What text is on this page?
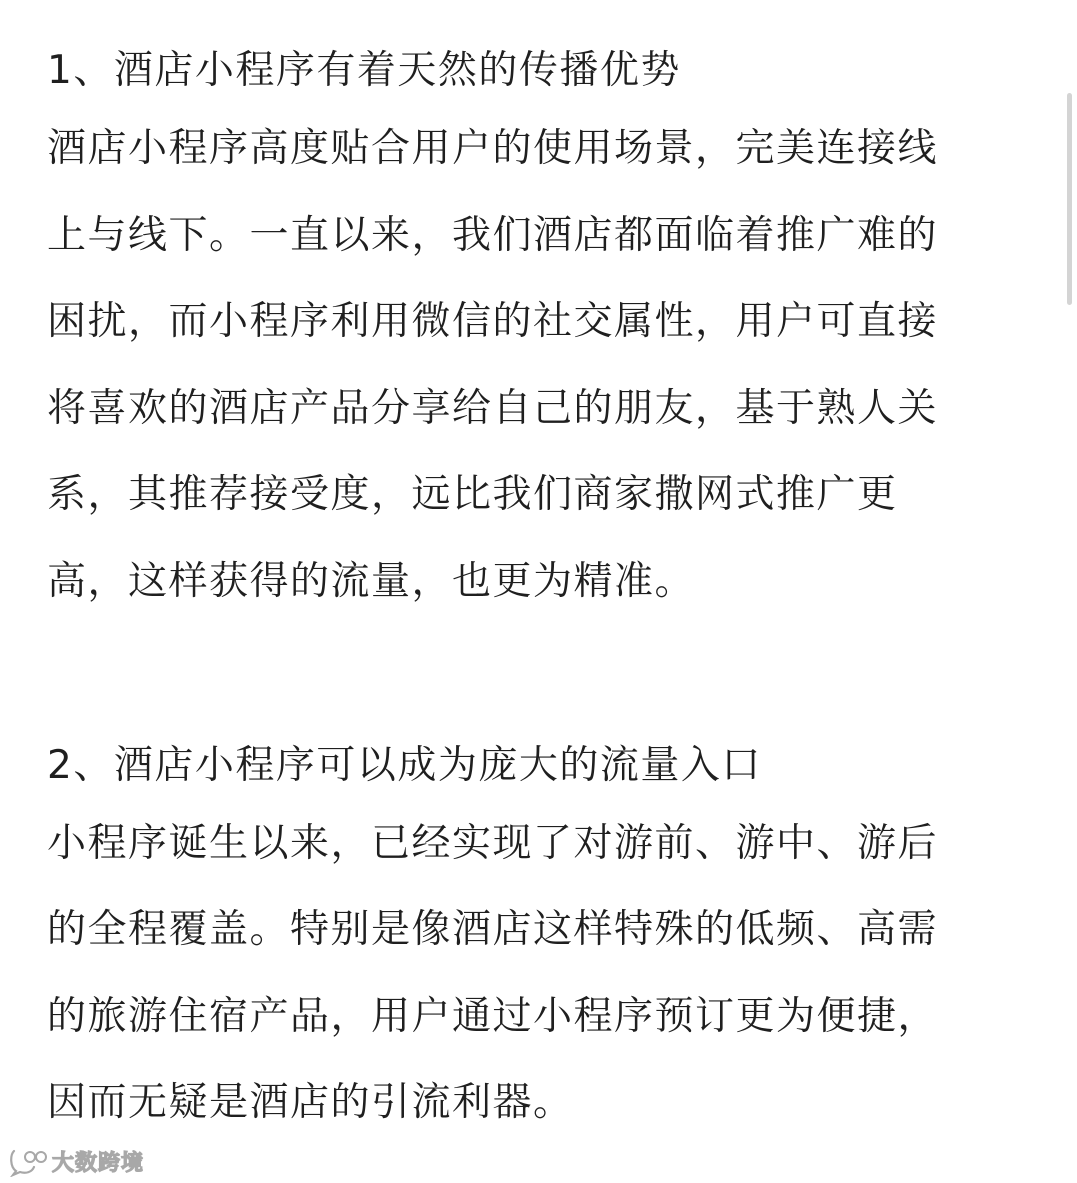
1、酒店小程序有着天然的传播优势

酒店小程序高度贴合用户的使用场景，完美连接线
上与线下。一直以来，我们酒店都面临着推广难的
困扰，而小程序利用微信的社交属性，用户可直接
将喜欢的酒店产品分享给自己的朋友，基于熟人关
系，其推荐接受度，远比我们商家撒网式推广更
高，这样获得的流量，也更为精准。

2、酒店小程序可以成为庞大的流量入口

小程序诞生以来，已经实现了对游前、游中、游后
的全程覆盖。特别是像酒店这样特殊的低频、高需
的旅游住宿产品，用户通过小程序预订更为便捷，
因而无疑是酒店的引流利器。

大数跨境
